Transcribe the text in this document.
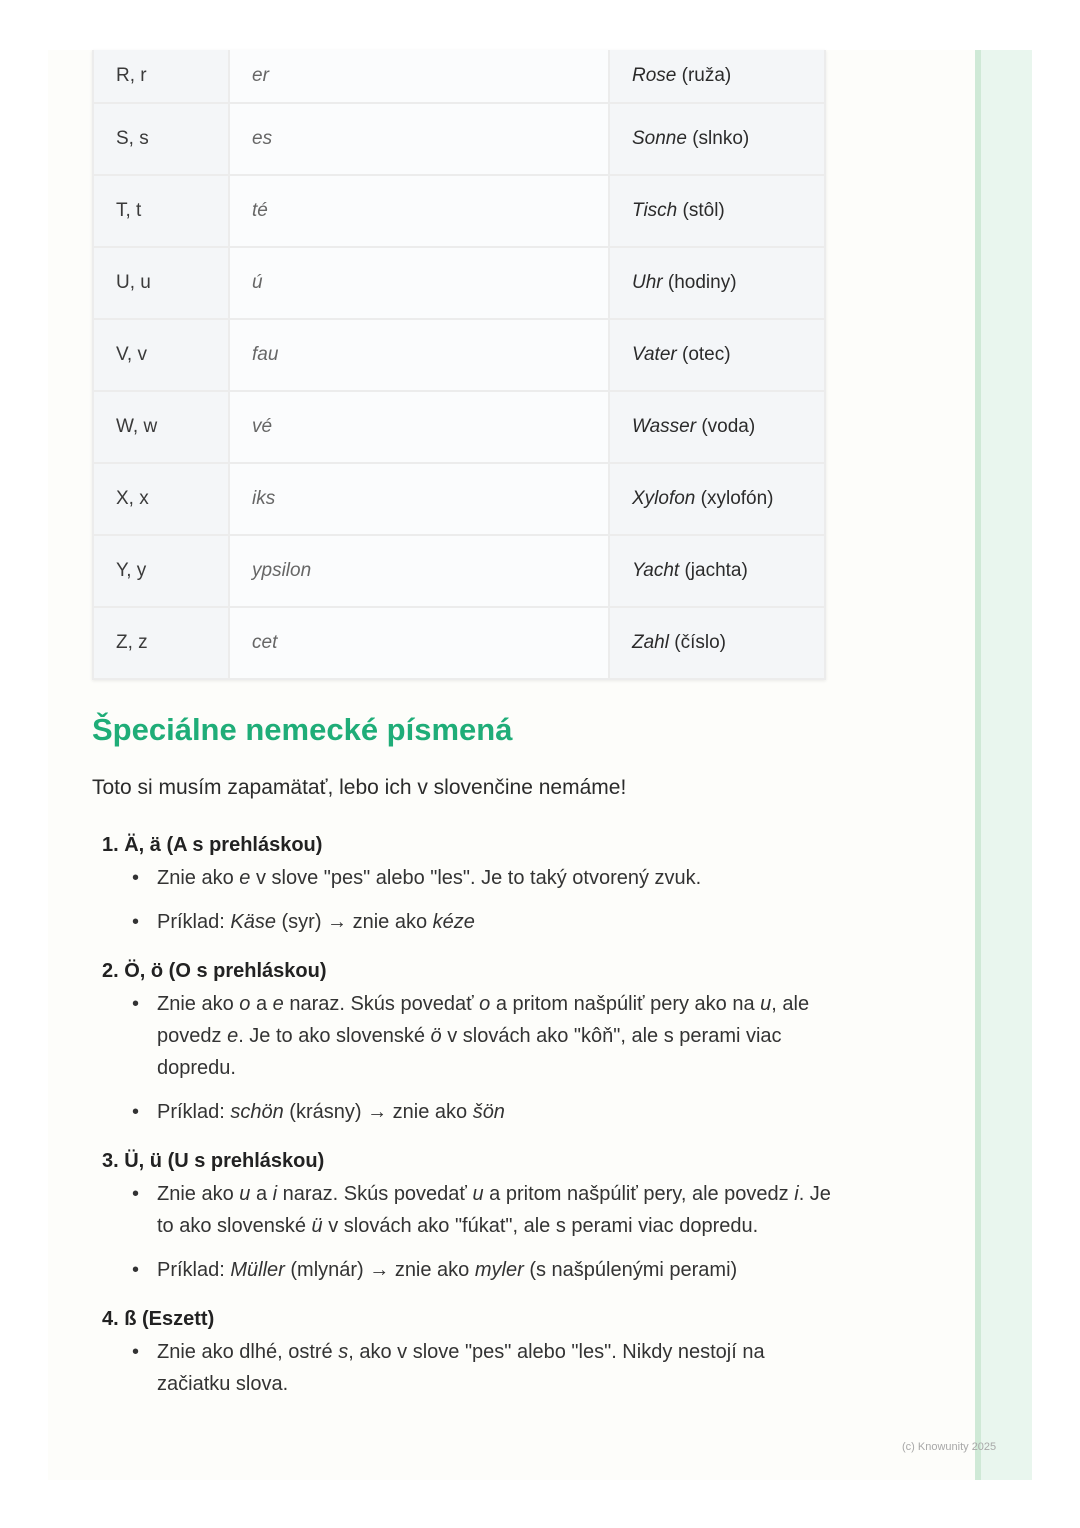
R, r	er	Rose (ruža)
S, s	es	Sonne (slnko)
T, t	té	Tisch (stôl)
U, u	ú	Uhr (hodiny)
V, v	fau	Vater (otec)
W, w	vé	Wasser (voda)
X, x	iks	Xylofon (xylofón)
Y, y	ypsilon	Yacht (jachta)
Z, z	cet	Zahl (číslo)
Špeciálne nemecké písmená

Toto si musím zapamätať, lebo ich v slovenčine nemáme!

1. Ä, ä (A s prehláskou)
• Znie ako e v slove "pes" alebo "les". Je to taký otvorený zvuk.
• Príklad: Käse (syr) → znie ako kéze
2. Ö, ö (O s prehláskou)
• Znie ako o a e naraz. Skús povedať o a pritom našpúliť pery ako na u, ale povedz e. Je to ako slovenské ö v slovách ako "kôň", ale s perami viac dopredu.
• Príklad: schön (krásny) → znie ako šön
3. Ü, ü (U s prehláskou)
• Znie ako u a i naraz. Skús povedať u a pritom našpúliť pery, ale povedz i. Je to ako slovenské ü v slovách ako "fúkat", ale s perami viac dopredu.
• Príklad: Müller (mlynár) → znie ako myler (s našpúlenými perami)
4. ß (Eszett)
• Znie ako dlhé, ostré s, ako v slove "pes" alebo "les". Nikdy nestojí na začiatku slova.
(c) Knowunity 2025
